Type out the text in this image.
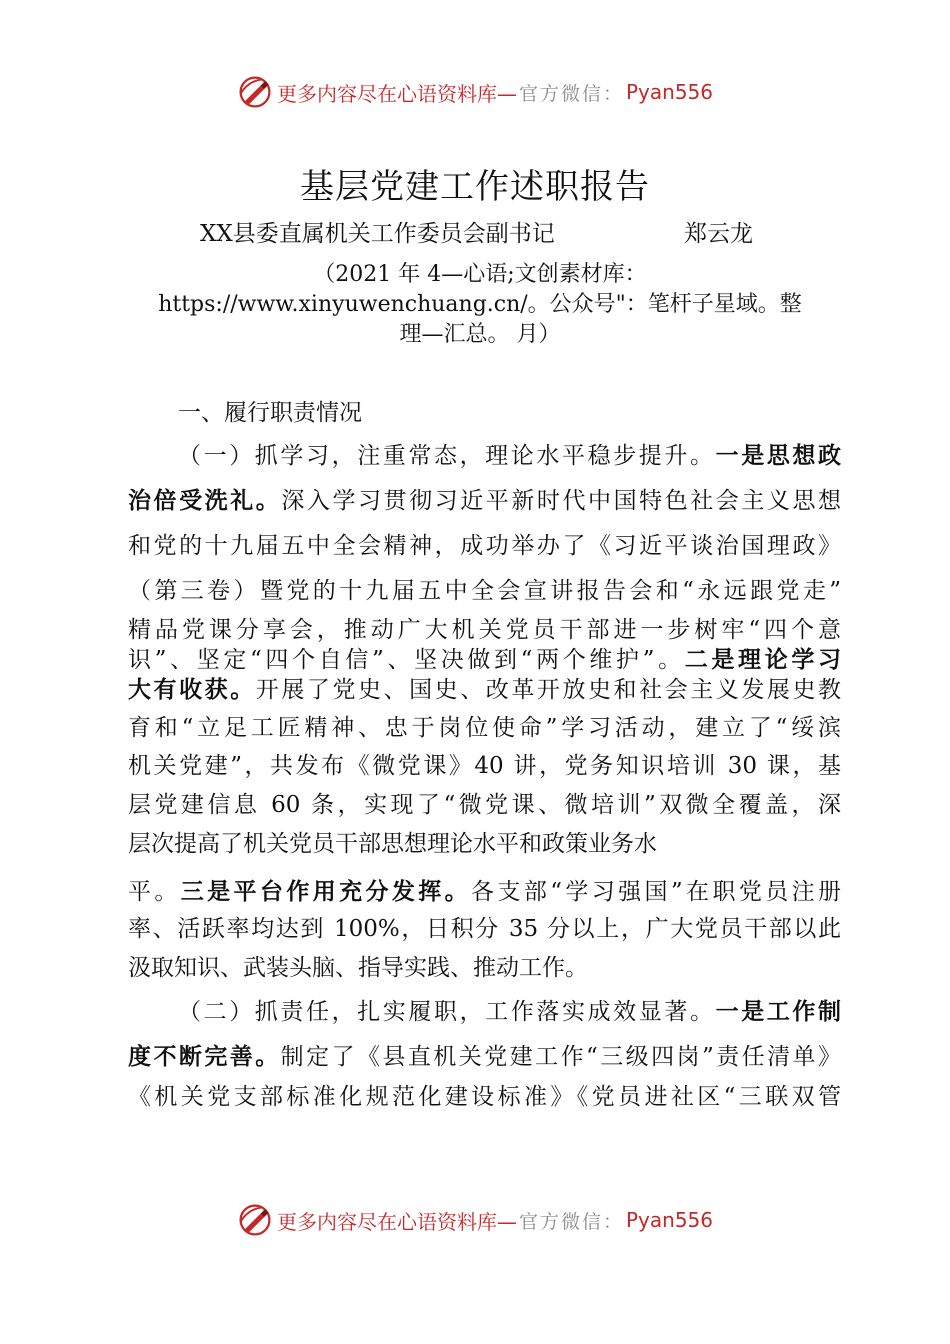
更多内容尽在心语资料库— 官方微信： Pyan556
基层党建工作述职报告
XX县委直属机关工作委员会副书记	郑云龙
（2021 年 4—心语;文创素材库：
https://www.xinyuwenchuang.cn/。公众号"：笔杆子星域。整
理—汇总。 月）
一、履行职责情况
（一）抓学习，注重常态，理论水平稳步提升。一是思想政
治倍受洗礼。深入学习贯彻习近平新时代中国特色社会主义思想
和党的十九届五中全会精神，成功举办了《习近平谈治国理政》
（第三卷）暨党的十九届五中全会宣讲报告会和“永远跟党走”
精品党课分享会，推动广大机关党员干部进一步树牢“四个意
识”、坚定“四个自信”、坚决做到“两个维护”。二是理论学习
大有收获。开展了党史、国史、改革开放史和社会主义发展史教
育和“立足工匠精神、忠于岗位使命”学习活动，建立了“绥滨
机关党建”，共发布《微党课》40 讲，党务知识培训 30 课，基
层党建信息 60 条，实现了“微党课、微培训”双微全覆盖，深
层次提高了机关党员干部思想理论水平和政策业务水
平。三是平台作用充分发挥。各支部“学习强国”在职党员注册
率、活跃率均达到 100%，日积分 35 分以上，广大党员干部以此
汲取知识、武装头脑、指导实践、推动工作。
（二）抓责任，扎实履职，工作落实成效显著。一是工作制
度不断完善。制定了《县直机关党建工作“三级四岗”责任清单》
《机关党支部标准化规范化建设标准》《党员进社区“三联双管
更多内容尽在心语资料库— 官方微信： Pyan556
